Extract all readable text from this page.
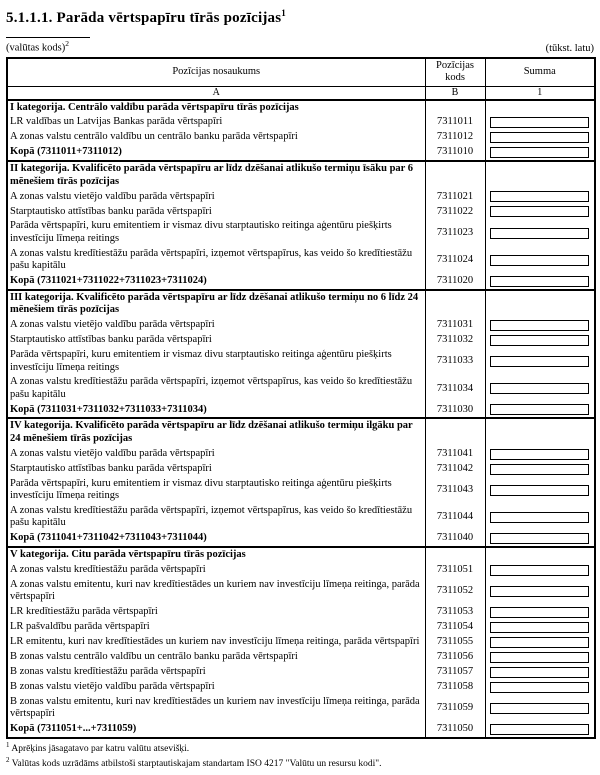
5.1.1.1. Parāda vērtspapīru tīrās pozīcijas$^1$
(valūtas kods)$^2$	(tūkst. latu)
Pozīcijas nosaukums	Pozīcijas kods	Summa
A	B	1
I kategorija. Centrālo valdību parāda vērtspapīru tīrās pozīcijas		
LR valdības un Latvijas Bankas parāda vērtspapīri	7311011	

A zonas valstu centrālo valdību un centrālo banku parāda vērtspapīri	7311012	

Kopā (7311011+7311012)	7311010	

II kategorija. Kvalificēto parāda vērtspapīru ar līdz dzēšanai atlikušo termiņu īsāku par 6 mēnešiem tīrās pozīcijas		
A zonas valstu vietējo valdību parāda vērtspapīri	7311021	

Starptautisko attīstības banku parāda vērtspapīri	7311022	

Parāda vērtspapīri, kuru emitentiem ir vismaz divu starptautisko reitinga aģentūru piešķirts investīciju līmeņa reitings	7311023	

A zonas valstu kredītiestāžu parāda vērtspapīri, izņemot vērtspapīrus, kas veido šo kredītiestāžu pašu kapitālu	7311024	

Kopā (7311021+7311022+7311023+7311024)	7311020	

III kategorija. Kvalificēto parāda vērtspapīru ar līdz dzēšanai atlikušo termiņu no 6 līdz 24 mēnešiem tīrās pozīcijas		
A zonas valstu vietējo valdību parāda vērtspapīri	7311031	

Starptautisko attīstības banku parāda vērtspapīri	7311032	

Parāda vērtspapīri, kuru emitentiem ir vismaz divu starptautisko reitinga aģentūru piešķirts investīciju līmeņa reitings	7311033	

A zonas valstu kredītiestāžu parāda vērtspapīri, izņemot vērtspapīrus, kas veido šo kredītiestāžu pašu kapitālu	7311034	

Kopā (7311031+7311032+7311033+7311034)	7311030	

IV kategorija. Kvalificēto parāda vērtspapīru ar līdz dzēšanai atlikušo termiņu ilgāku par 24 mēnešiem tīrās pozīcijas		
A zonas valstu vietējo valdību parāda vērtspapīri	7311041	

Starptautisko attīstības banku parāda vērtspapīri	7311042	

Parāda vērtspapīri, kuru emitentiem ir vismaz divu starptautisko reitinga aģentūru piešķirts investīciju līmeņa reitings	7311043	

A zonas valstu kredītiestāžu parāda vērtspapīri, izņemot vērtspapīrus, kas veido šo kredītiestāžu pašu kapitālu	7311044	

Kopā (7311041+7311042+7311043+7311044)	7311040	

V kategorija. Citu parāda vērtspapīru tīrās pozīcijas		
A zonas valstu kredītiestāžu parāda vērtspapīri	7311051	

A zonas valstu emitentu, kuri nav kredītiestādes un kuriem nav investīciju līmeņa reitinga, parāda vērtspapīri	7311052	

LR kredītiestāžu parāda vērtspapīri	7311053	

LR pašvaldību parāda vērtspapīri	7311054	

LR emitentu, kuri nav kredītiestādes un kuriem nav investīciju līmeņa reitinga, parāda vērtspapīri	7311055	

B zonas valstu centrālo valdību un centrālo banku parāda vērtspapīri	7311056	

B zonas valstu kredītiestāžu parāda vērtspapīri	7311057	

B zonas valstu vietējo valdību parāda vērtspapīri	7311058	

B zonas valstu emitentu, kuri nav kredītiestādes un kuriem nav investīciju līmeņa reitinga, parāda vērtspapīri	7311059	

Kopā (7311051+...+7311059)	7311050	
$^1$ Aprēķins jāsagatavo par katru valūtu atsevišķi.
$^2$ Valūtas kods uzrādāms atbilstoši starptautiskajam standartam ISO 4217 "Valūtu un resursu kodi".
